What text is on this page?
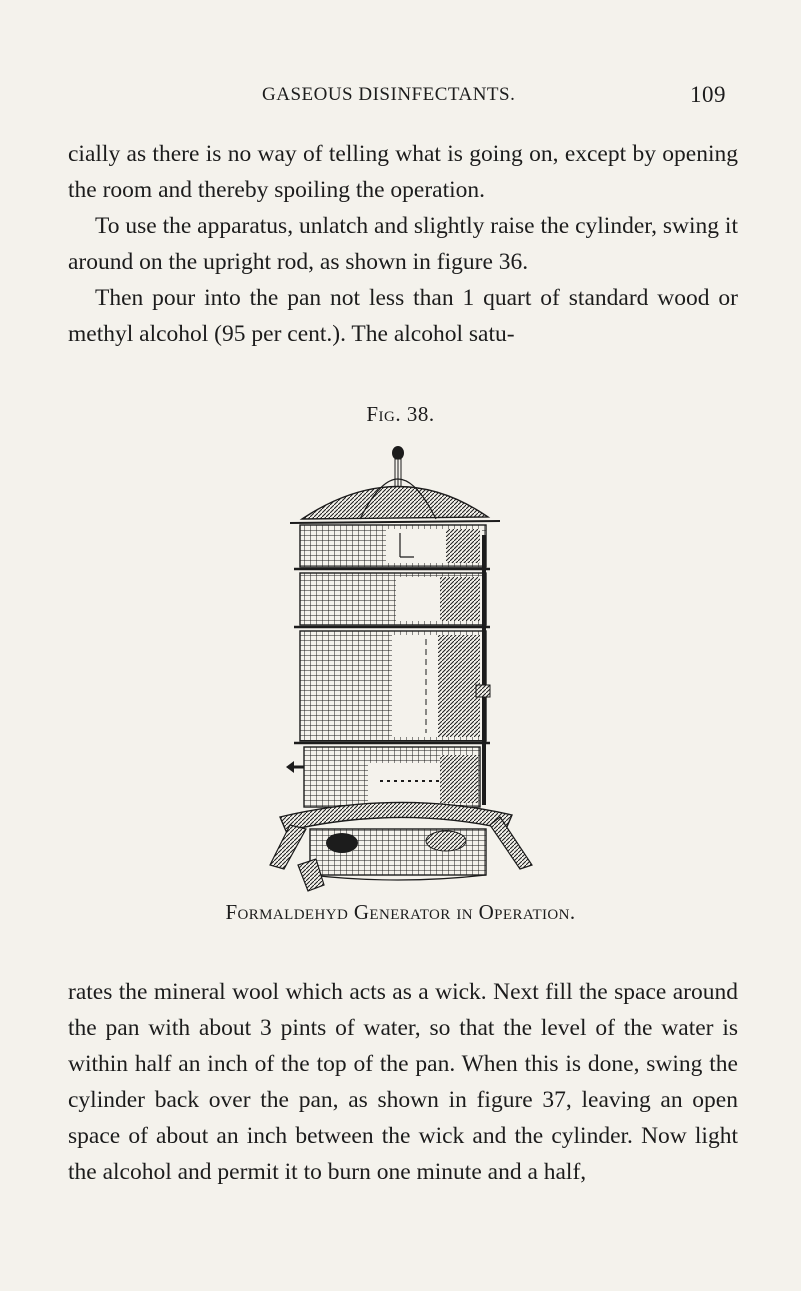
GASEOUS DISINFECTANTS.	109

cially as there is no way of telling what is going on, except by opening the room and thereby spoiling the operation.

To use the apparatus, unlatch and slightly raise the cylinder, swing it around on the upright rod, as shown in figure 36.

Then pour into the pan not less than 1 quart of standard wood or methyl alcohol (95 per cent.). The alcohol satu-

Fig. 38.
Formaldehyd Generator in Operation.

rates the mineral wool which acts as a wick. Next fill the space around the pan with about 3 pints of water, so that the level of the water is within half an inch of the top of the pan. When this is done, swing the cylinder back over the pan, as shown in figure 37, leaving an open space of about an inch between the wick and the cylinder. Now light the alcohol and permit it to burn one minute and a half,
